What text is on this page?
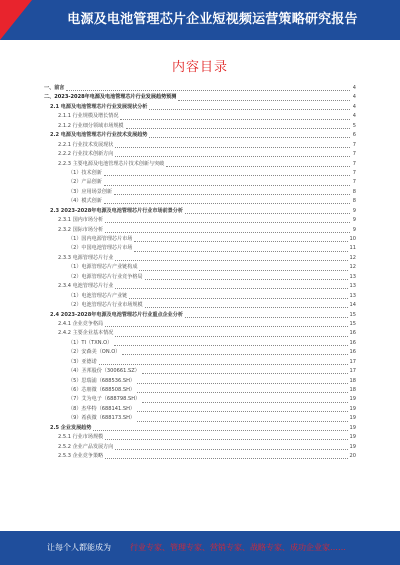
电源及电池管理芯片企业短视频运营策略研究报告
内容目录
一、前言	4
二、2023-2028年电源及电池管理芯片行业发展趋势预测	4
2.1 电源及电池管理芯片行业发展现状分析	4
2.1.1 行业规模及增长情况	4
2.1.2 行业细分领域市场规模	5
2.2 电源及电池管理芯片行业技术发展趋势	6
2.2.1 行业技术发展现状	7
2.2.2 行业技术创新方向	7
2.2.3 主要电源及电池管理芯片技术创新与突破	7
（1）技术创新	7
（2）产品创新	7
（3）应用场景创新	8
（4）模式创新	8
2.3 2023-2028年电源及电池管理芯片行业市场前景分析	9
2.3.1 国内市场分析	9
2.3.2 国际市场分析	9
（1）国内电源管理芯片市场	10
（2）中国电池管理芯片市场	11
2.3.3 电源管理芯片行业	12
（1）电源管理芯片产业链构成	12
（2）电源管理芯片行业竞争格局	13
2.3.4 电池管理芯片行业	13
（1）电池管理芯片产业链	13
（2）电池管理芯片行业市场规模	14
2.4 2023-2028年电源及电池管理芯片行业重点企业分析	15
2.4.1 企业竞争格局	15
2.4.2 主要企业基本情况	16
（1）TI（TXN.O）	16
（2）安森美（ON.O）	16
（3）亚德诺	17
（4）圣邦股份（300661.SZ）	17
（5）思瑞浦（688536.SH）	18
（6）芯朋微（688508.SH）	18
（7）艾为电子（688798.SH）	19
（8）杰华特（688141.SH）	19
（9）希荻微（688173.SH）	19
2.5 企业发展趋势	19
2.5.1 行业市场规模	19
2.5.2 企业产品发展方向	19
2.5.3 企业竞争策略	20
让每个人都能成为 行业专家、管理专家、营销专家、战略专家、成功企业家……
